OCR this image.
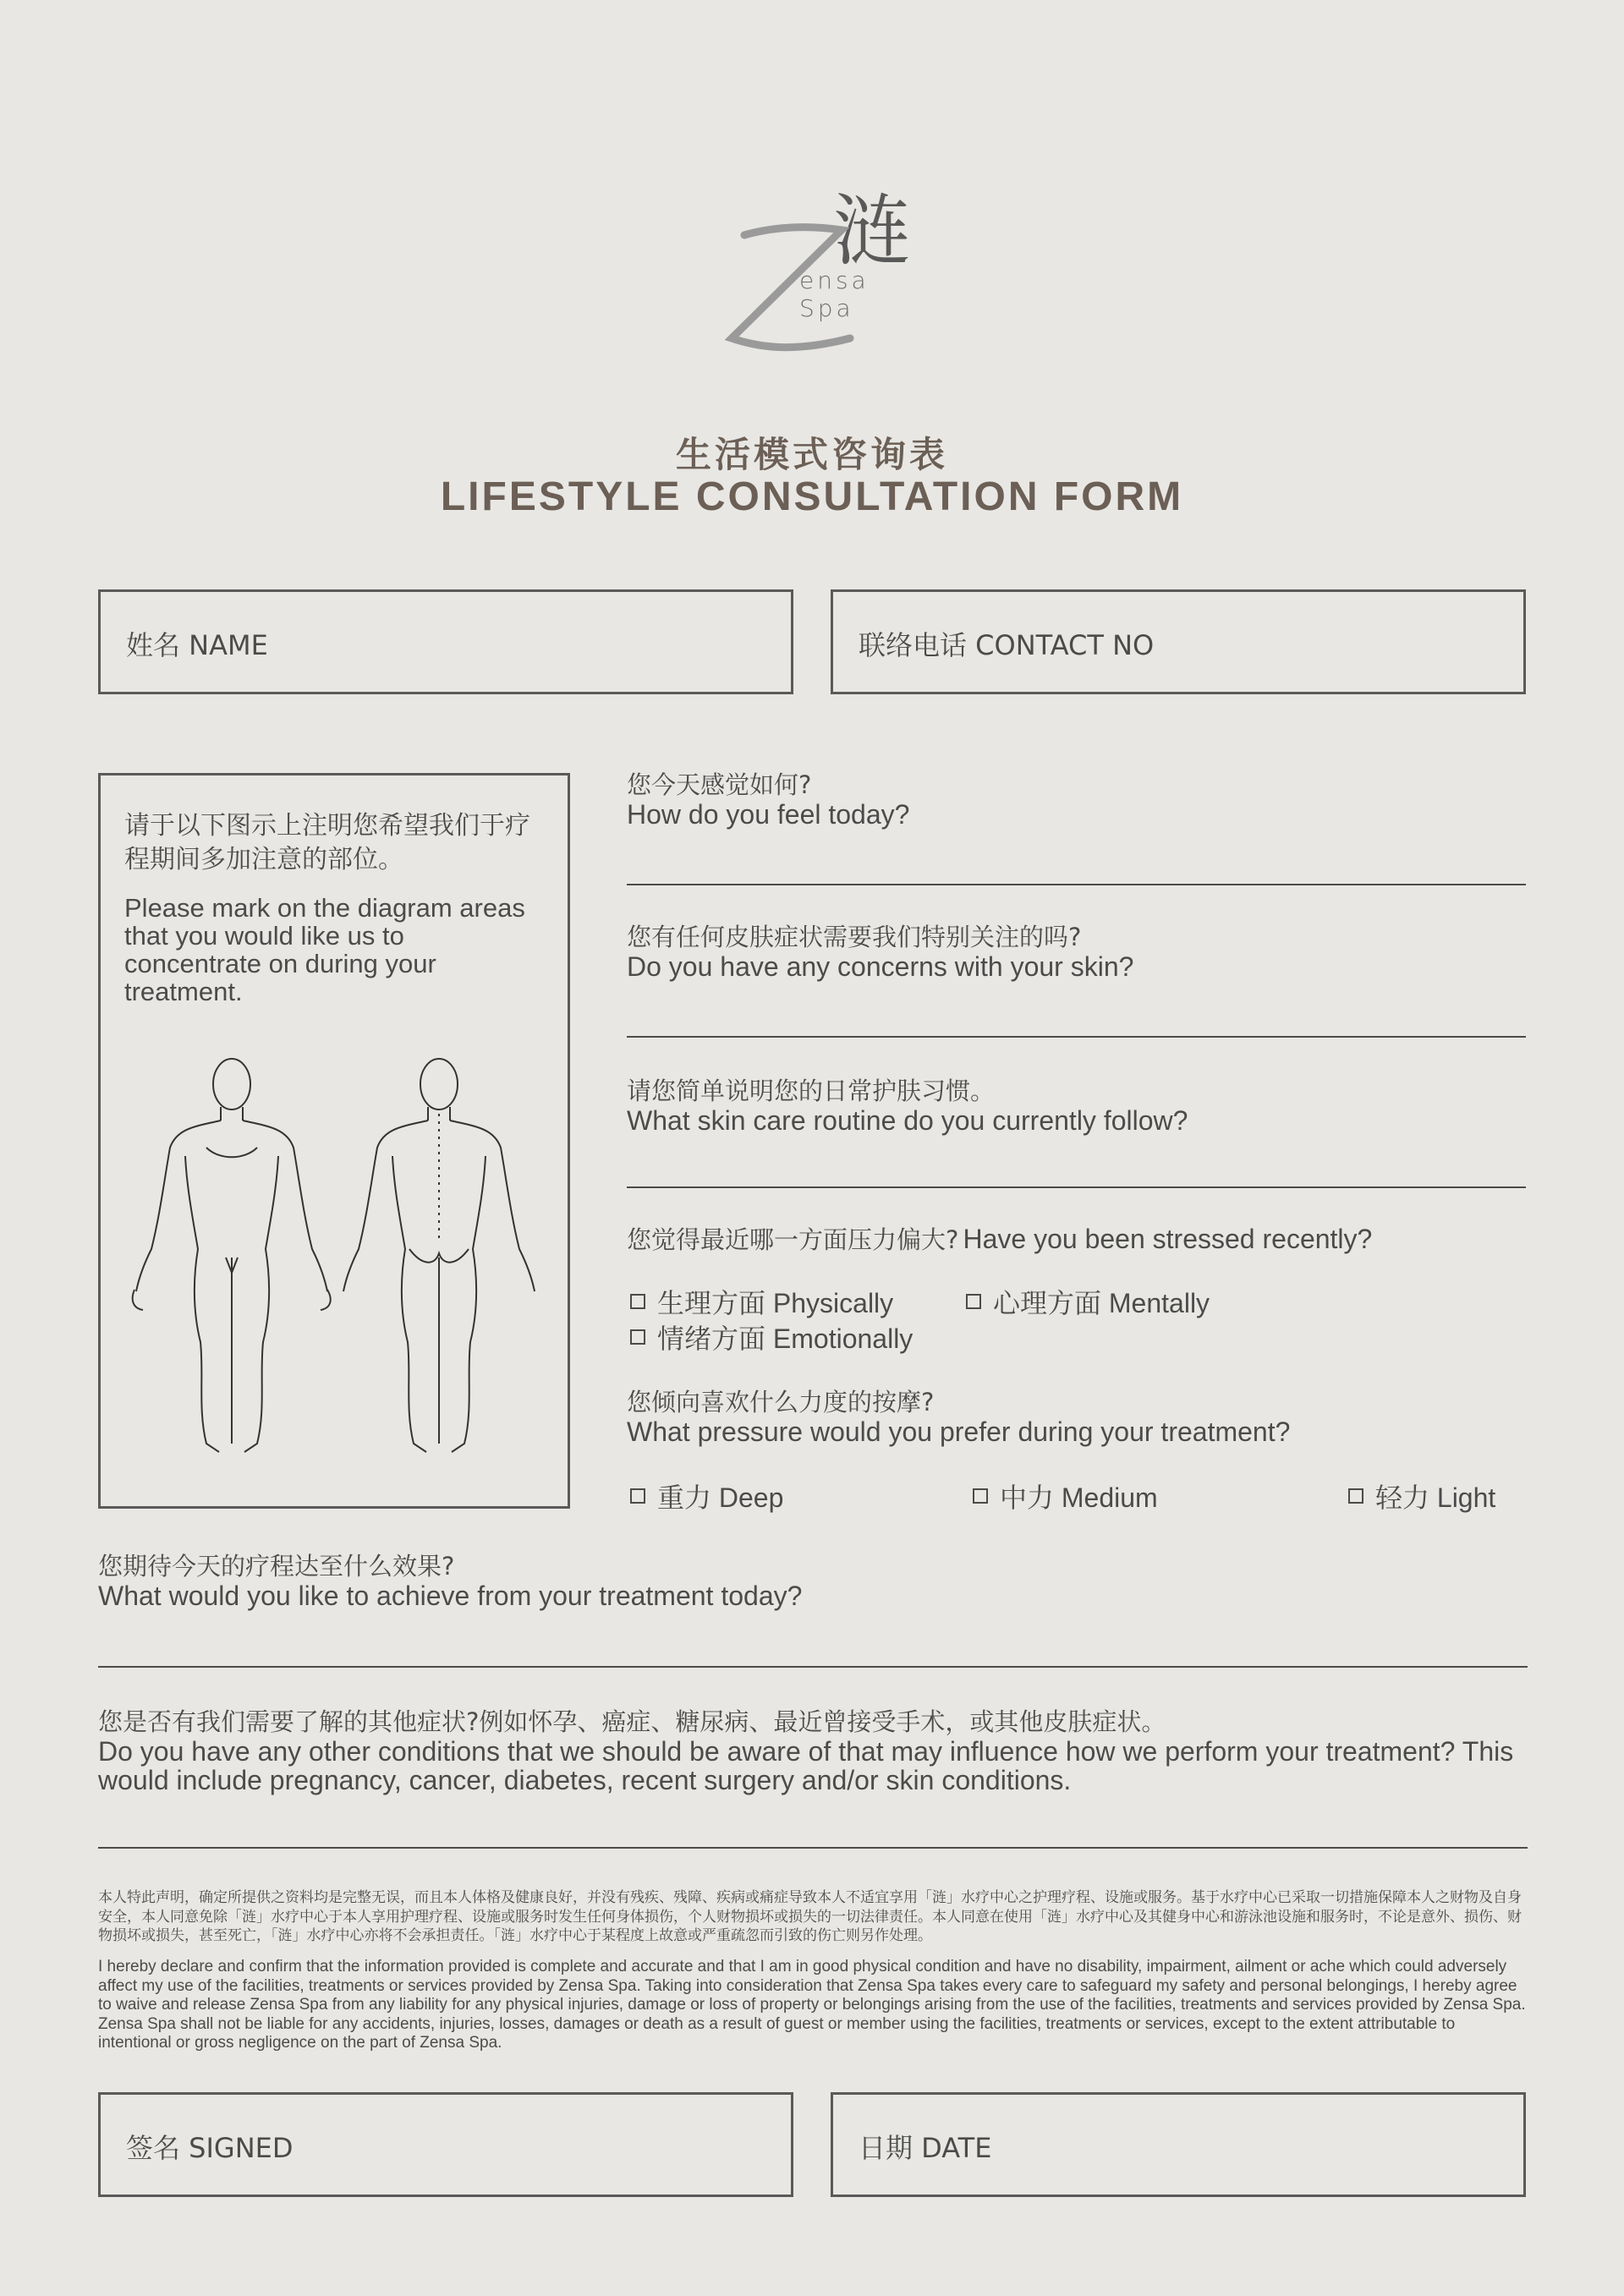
涟
ensa Spa
生活模式咨询表
LIFESTYLE CONSULTATION FORM
姓名 NAME	联络电话 CONTACT NO
请于以下图示上注明您希望我们于疗程期间多加注意的部位。
Please mark on the diagram areas that you would like us to concentrate on during your treatment.
您今天感觉如何?
How do you feel today?
您有任何皮肤症状需要我们特别关注的吗?
Do you have any concerns with your skin?
请您简单说明您的日常护肤习惯。
What skin care routine do you currently follow?
您觉得最近哪一方面压力偏大? Have you been stressed recently?
生理方面 Physically	心理方面 Mentally
情绪方面 Emotionally
您倾向喜欢什么力度的按摩?
What pressure would you prefer during your treatment?
重力 Deep	中力 Medium	轻力 Light
您期待今天的疗程达至什么效果?
What would you like to achieve from your treatment today?
您是否有我们需要了解的其他症状?例如怀孕、癌症、糖尿病、最近曾接受手术，或其他皮肤症状。
Do you have any other conditions that we should be aware of that may influence how we perform your treatment? This would include pregnancy, cancer, diabetes, recent surgery and/or skin conditions.
本人特此声明，确定所提供之资料均是完整无误，而且本人体格及健康良好，并没有残疾、残障、疾病或痛症导致本人不适宜享用「涟」水疗中心之护理疗程、设施或服务。基于水疗中心已采取一切措施保障本人之财物及自身安全，本人同意免除「涟」水疗中心于本人享用护理疗程、设施或服务时发生任何身体损伤，个人财物损坏或损失的一切法律责任。本人同意在使用「涟」水疗中心及其健身中心和游泳池设施和服务时，不论是意外、损伤、财物损坏或损失，甚至死亡，「涟」水疗中心亦将不会承担责任。「涟」水疗中心于某程度上故意或严重疏忽而引致的伤亡则另作处理。
I hereby declare and confirm that the information provided is complete and accurate and that I am in good physical condition and have no disability, impairment, ailment or ache which could adversely affect my use of the facilities, treatments or services provided by Zensa Spa. Taking into consideration that Zensa Spa takes every care to safeguard my safety and personal belongings, I hereby agree to waive and release Zensa Spa from any liability for any physical injuries, damage or loss of property or belongings arising from the use of the facilities, treatments and services provided by Zensa Spa. Zensa Spa shall not be liable for any accidents, injuries, losses, damages or death as a result of guest or member using the facilities, treatments or services, except to the extent attributable to intentional or gross negligence on the part of Zensa Spa.
签名 SIGNED	日期 DATE
